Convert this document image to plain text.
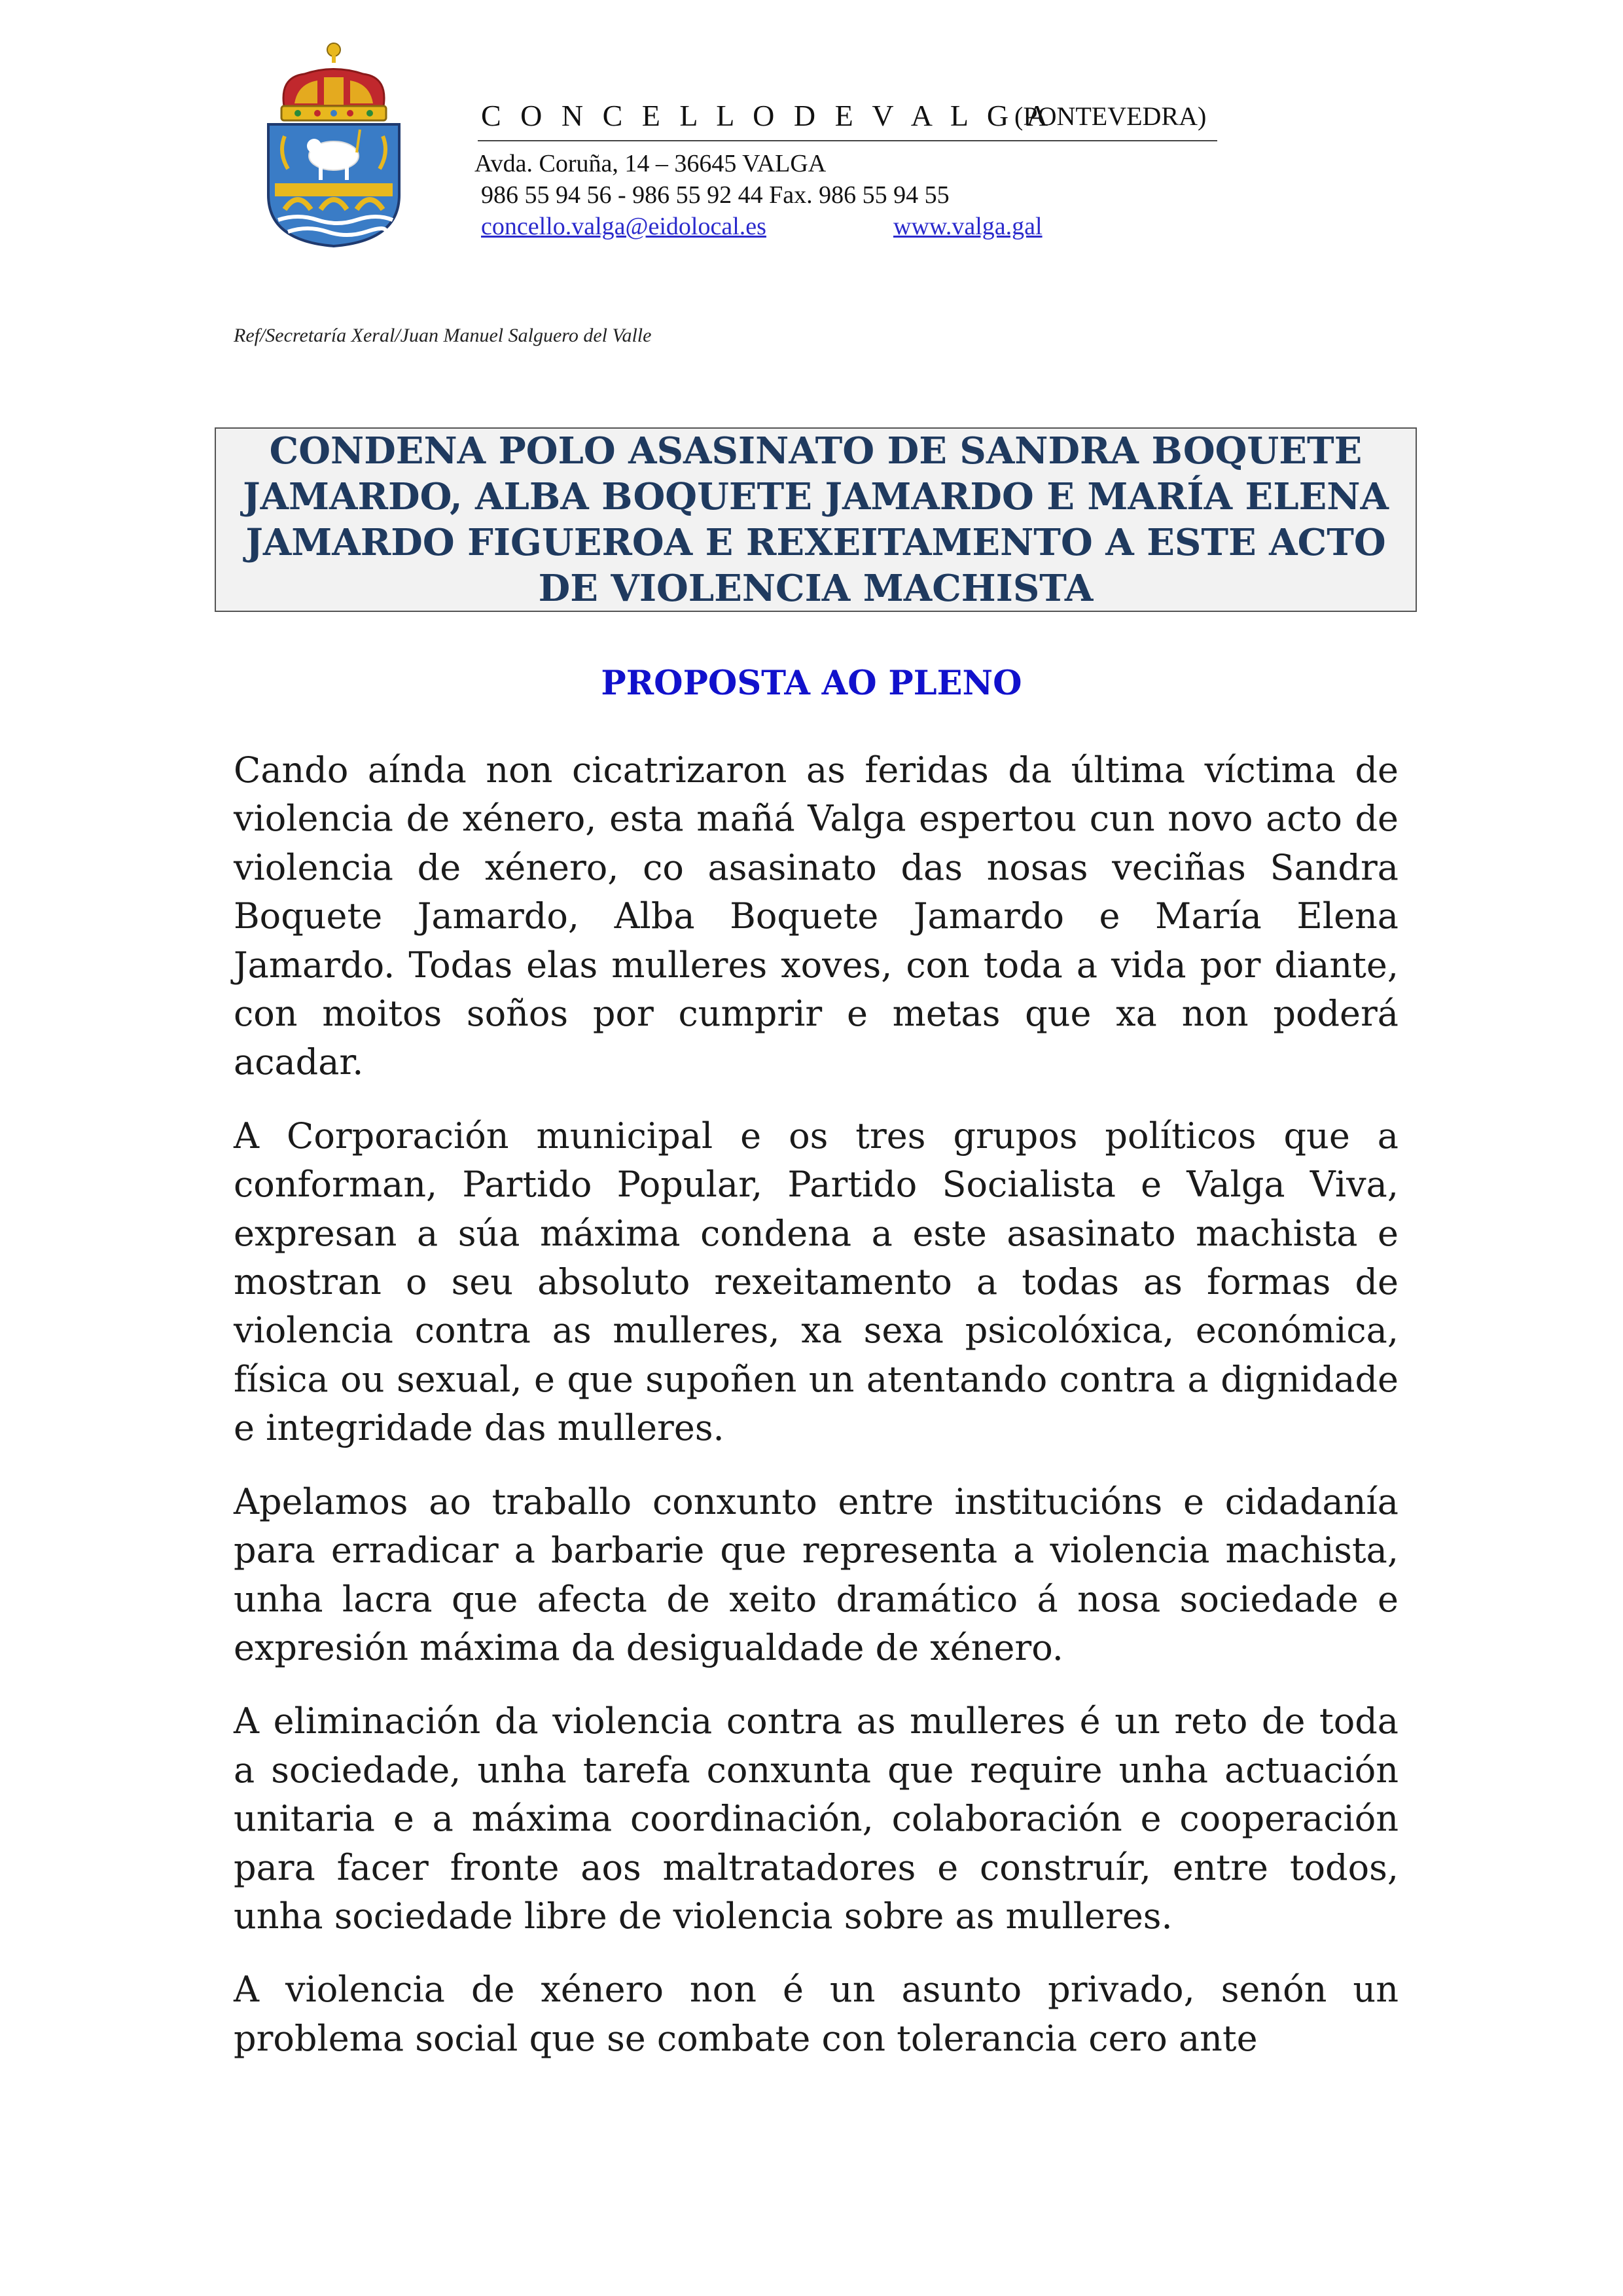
C O N C E L L O D E V A L G A
(PONTEVEDRA)
Avda. Coruña, 14 – 36645 VALGA
986 55 94 56 - 986 55 92 44 Fax. 986 55 94 55
concello.valga@eidolocal.es	www.valga.gal
Ref/Secretaría Xeral/Juan Manuel Salguero del Valle
CONDENA POLO ASASINATO DE SANDRA BOQUETE JAMARDO, ALBA BOQUETE JAMARDO E MARÍA ELENA JAMARDO FIGUEROA E REXEITAMENTO A ESTE ACTO DE VIOLENCIA MACHISTA
PROPOSTA AO PLENO

Cando aínda non cicatrizaron as feridas da última víctima de violencia de xénero, esta mañá Valga espertou cun novo acto de violencia de xénero, co asasinato das nosas veciñas Sandra Boquete Jamardo, Alba Boquete Jamardo e María Elena Jamardo. Todas elas mulleres xoves, con toda a vida por diante, con moitos soños por cumprir e metas que xa non poderá acadar.

A Corporación municipal e os tres grupos políticos que a conforman, Partido Popular, Partido Socialista e Valga Viva, expresan a súa máxima condena a este asasinato machista e mostran o seu absoluto rexeitamento a todas as formas de violencia contra as mulleres, xa sexa psicolóxica, económica, física ou sexual, e que supoñen un atentando contra a dignidade e integridade das mulleres.

Apelamos ao traballo conxunto entre institucións e cidadanía para erradicar a barbarie que representa a violencia machista, unha lacra que afecta de xeito dramático á nosa sociedade e expresión máxima da desigualdade de xénero.

A eliminación da violencia contra as mulleres é un reto de toda a sociedade, unha tarefa conxunta que require unha actuación unitaria e a máxima coordinación, colaboración e cooperación para facer fronte aos maltratadores e construír, entre todos, unha sociedade libre de violencia sobre as mulleres.

A violencia de xénero non é un asunto privado, senón un problema social que se combate con tolerancia cero ante
